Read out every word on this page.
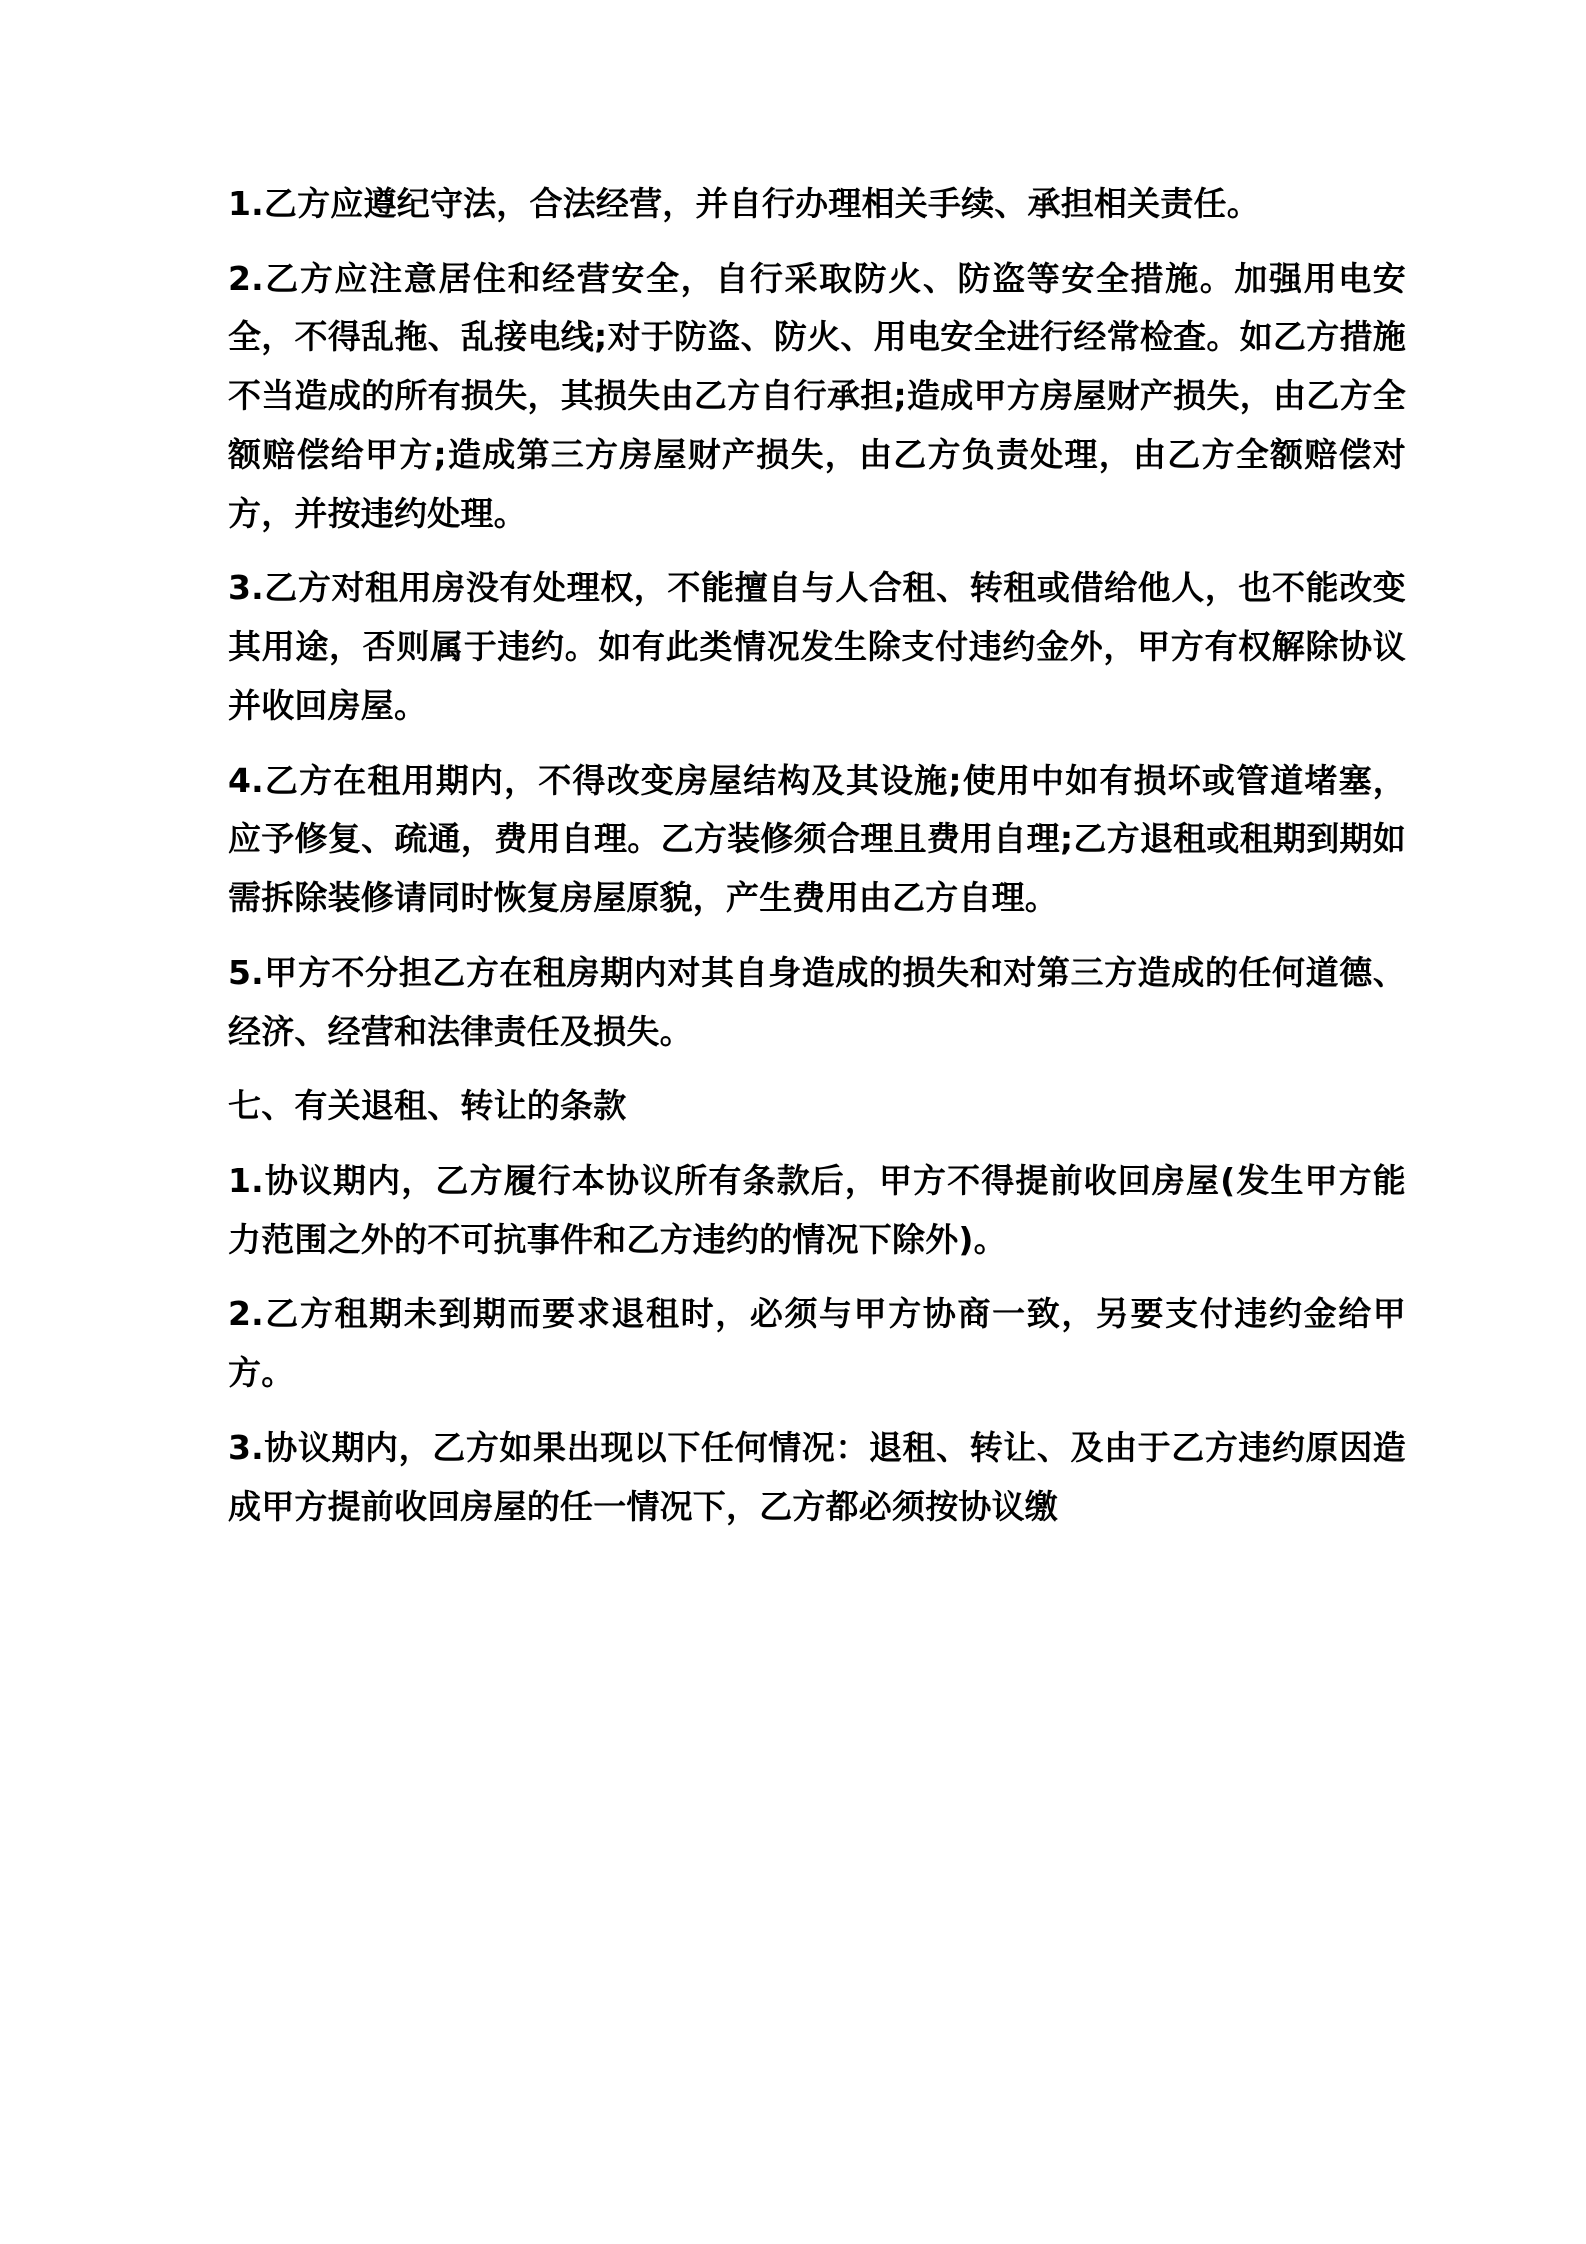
1.乙方应遵纪守法，合法经营，并自行办理相关手续、承担相关责任。

2.乙方应注意居住和经营安全，自行采取防火、防盗等安全措施。加强用电安全，不得乱拖、乱接电线;对于防盗、防火、用电安全进行经常检查。如乙方措施不当造成的所有损失，其损失由乙方自行承担;造成甲方房屋财产损失，由乙方全额赔偿给甲方;造成第三方房屋财产损失，由乙方负责处理，由乙方全额赔偿对方，并按违约处理。

3.乙方对租用房没有处理权，不能擅自与人合租、转租或借给他人，也不能改变其用途，否则属于违约。如有此类情况发生除支付违约金外，甲方有权解除协议并收回房屋。

4.乙方在租用期内，不得改变房屋结构及其设施;使用中如有损坏或管道堵塞，应予修复、疏通，费用自理。乙方装修须合理且费用自理;乙方退租或租期到期如需拆除装修请同时恢复房屋原貌，产生费用由乙方自理。

5.甲方不分担乙方在租房期内对其自身造成的损失和对第三方造成的任何道德、经济、经营和法律责任及损失。

七、有关退租、转让的条款

1.协议期内，乙方履行本协议所有条款后，甲方不得提前收回房屋(发生甲方能力范围之外的不可抗事件和乙方违约的情况下除外)。

2.乙方租期未到期而要求退租时，必须与甲方协商一致，另要支付违约金给甲方。

3.协议期内，乙方如果出现以下任何情况：退租、转让、及由于乙方违约原因造成甲方提前收回房屋的任一情况下，乙方都必须按协议缴
